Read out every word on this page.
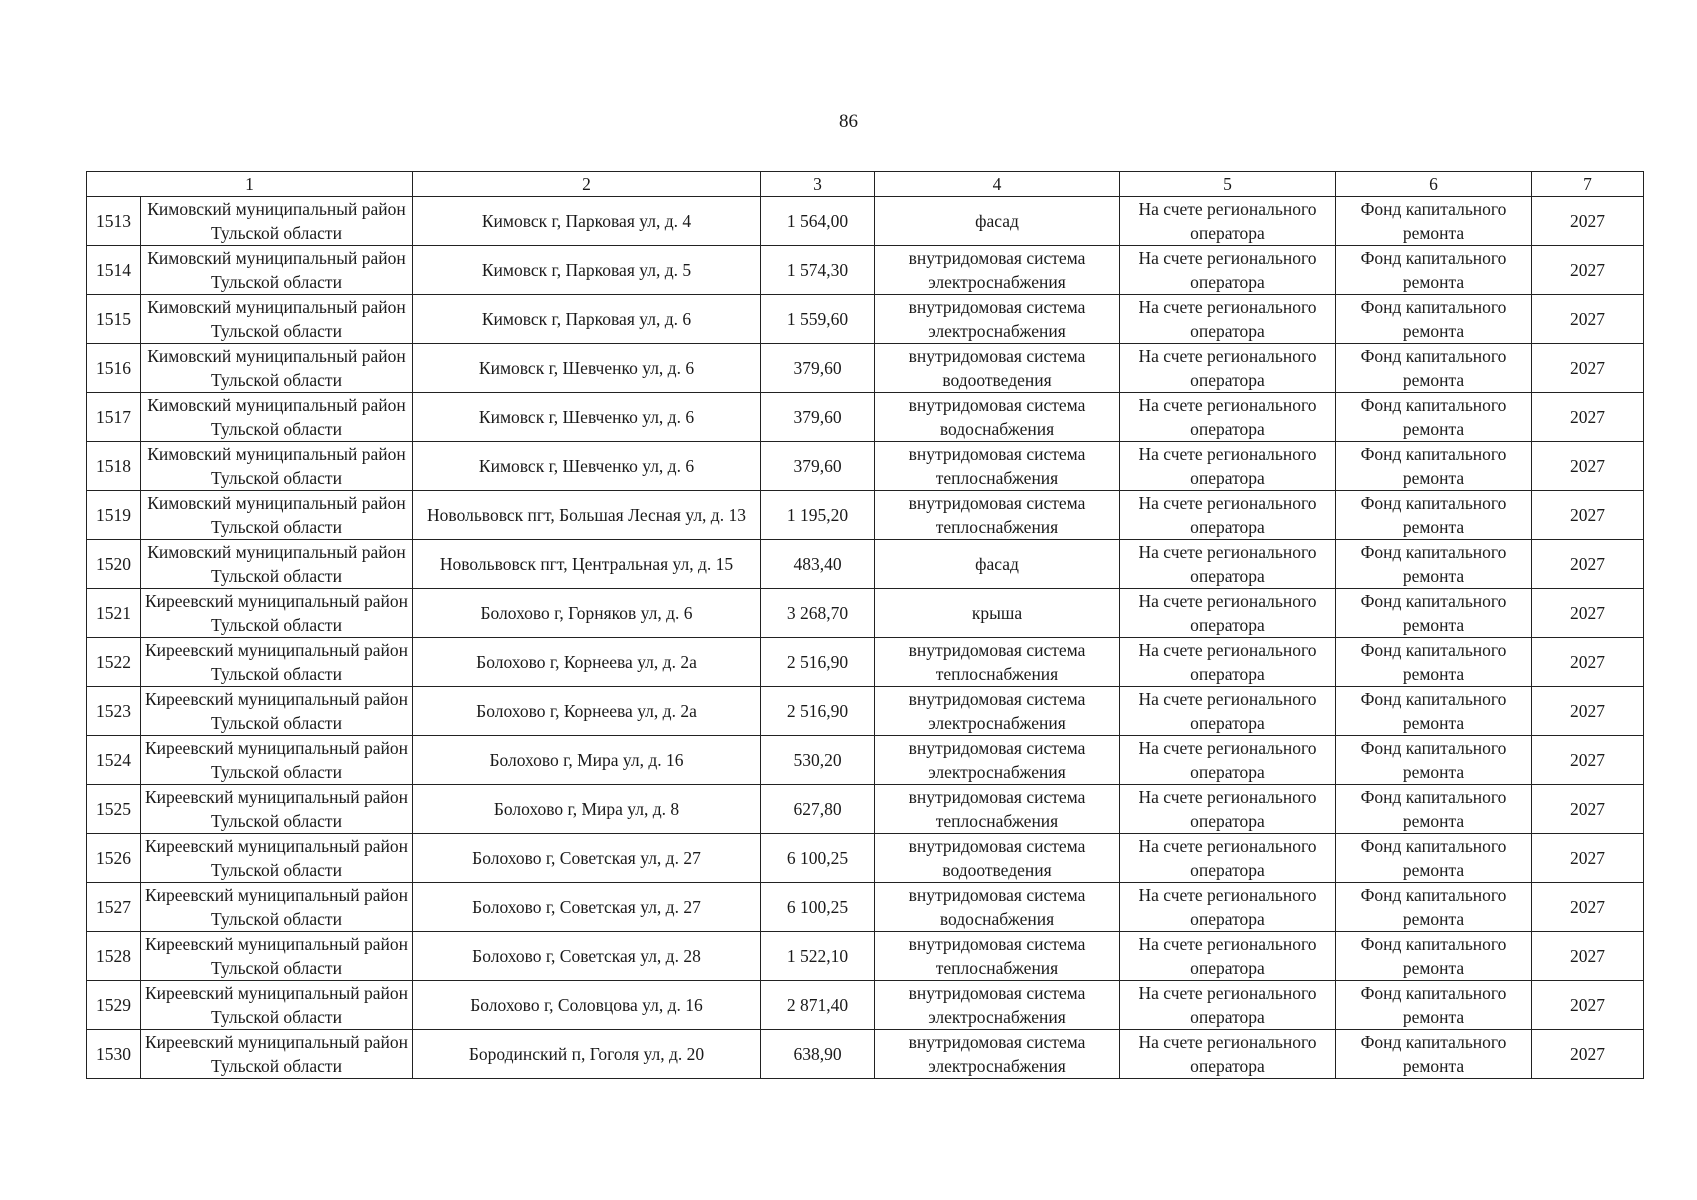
86
1		2	3	4	5	6	7
1513	Кимовский муниципальный район Тульской области	Кимовск г, Парковая ул, д. 4	1 564,00	фасад	На счете регионального оператора	Фонд капитального ремонта	2027
1514	Кимовский муниципальный район Тульской области	Кимовск г, Парковая ул, д. 5	1 574,30	внутридомовая система электроснабжения	На счете регионального оператора	Фонд капитального ремонта	2027
1515	Кимовский муниципальный район Тульской области	Кимовск г, Парковая ул, д. 6	1 559,60	внутридомовая система электроснабжения	На счете регионального оператора	Фонд капитального ремонта	2027
1516	Кимовский муниципальный район Тульской области	Кимовск г, Шевченко ул, д. 6	379,60	внутридомовая система водоотведения	На счете регионального оператора	Фонд капитального ремонта	2027
1517	Кимовский муниципальный район Тульской области	Кимовск г, Шевченко ул, д. 6	379,60	внутридомовая система водоснабжения	На счете регионального оператора	Фонд капитального ремонта	2027
1518	Кимовский муниципальный район Тульской области	Кимовск г, Шевченко ул, д. 6	379,60	внутридомовая система теплоснабжения	На счете регионального оператора	Фонд капитального ремонта	2027
1519	Кимовский муниципальный район Тульской области	Новольвовск пгт, Большая Лесная ул, д. 13	1 195,20	внутридомовая система теплоснабжения	На счете регионального оператора	Фонд капитального ремонта	2027
1520	Кимовский муниципальный район Тульской области	Новольвовск пгт, Центральная ул, д. 15	483,40	фасад	На счете регионального оператора	Фонд капитального ремонта	2027
1521	Киреевский муниципальный район Тульской области	Болохово г, Горняков ул, д. 6	3 268,70	крыша	На счете регионального оператора	Фонд капитального ремонта	2027
1522	Киреевский муниципальный район Тульской области	Болохово г, Корнеева ул, д. 2а	2 516,90	внутридомовая система теплоснабжения	На счете регионального оператора	Фонд капитального ремонта	2027
1523	Киреевский муниципальный район Тульской области	Болохово г, Корнеева ул, д. 2а	2 516,90	внутридомовая система электроснабжения	На счете регионального оператора	Фонд капитального ремонта	2027
1524	Киреевский муниципальный район Тульской области	Болохово г, Мира ул, д. 16	530,20	внутридомовая система электроснабжения	На счете регионального оператора	Фонд капитального ремонта	2027
1525	Киреевский муниципальный район Тульской области	Болохово г, Мира ул, д. 8	627,80	внутридомовая система теплоснабжения	На счете регионального оператора	Фонд капитального ремонта	2027
1526	Киреевский муниципальный район Тульской области	Болохово г, Советская ул, д. 27	6 100,25	внутридомовая система водоотведения	На счете регионального оператора	Фонд капитального ремонта	2027
1527	Киреевский муниципальный район Тульской области	Болохово г, Советская ул, д. 27	6 100,25	внутридомовая система водоснабжения	На счете регионального оператора	Фонд капитального ремонта	2027
1528	Киреевский муниципальный район Тульской области	Болохово г, Советская ул, д. 28	1 522,10	внутридомовая система теплоснабжения	На счете регионального оператора	Фонд капитального ремонта	2027
1529	Киреевский муниципальный район Тульской области	Болохово г, Соловцова ул, д. 16	2 871,40	внутридомовая система электроснабжения	На счете регионального оператора	Фонд капитального ремонта	2027
1530	Киреевский муниципальный район Тульской области	Бородинский п, Гоголя ул, д. 20	638,90	внутридомовая система электроснабжения	На счете регионального оператора	Фонд капитального ремонта	2027
